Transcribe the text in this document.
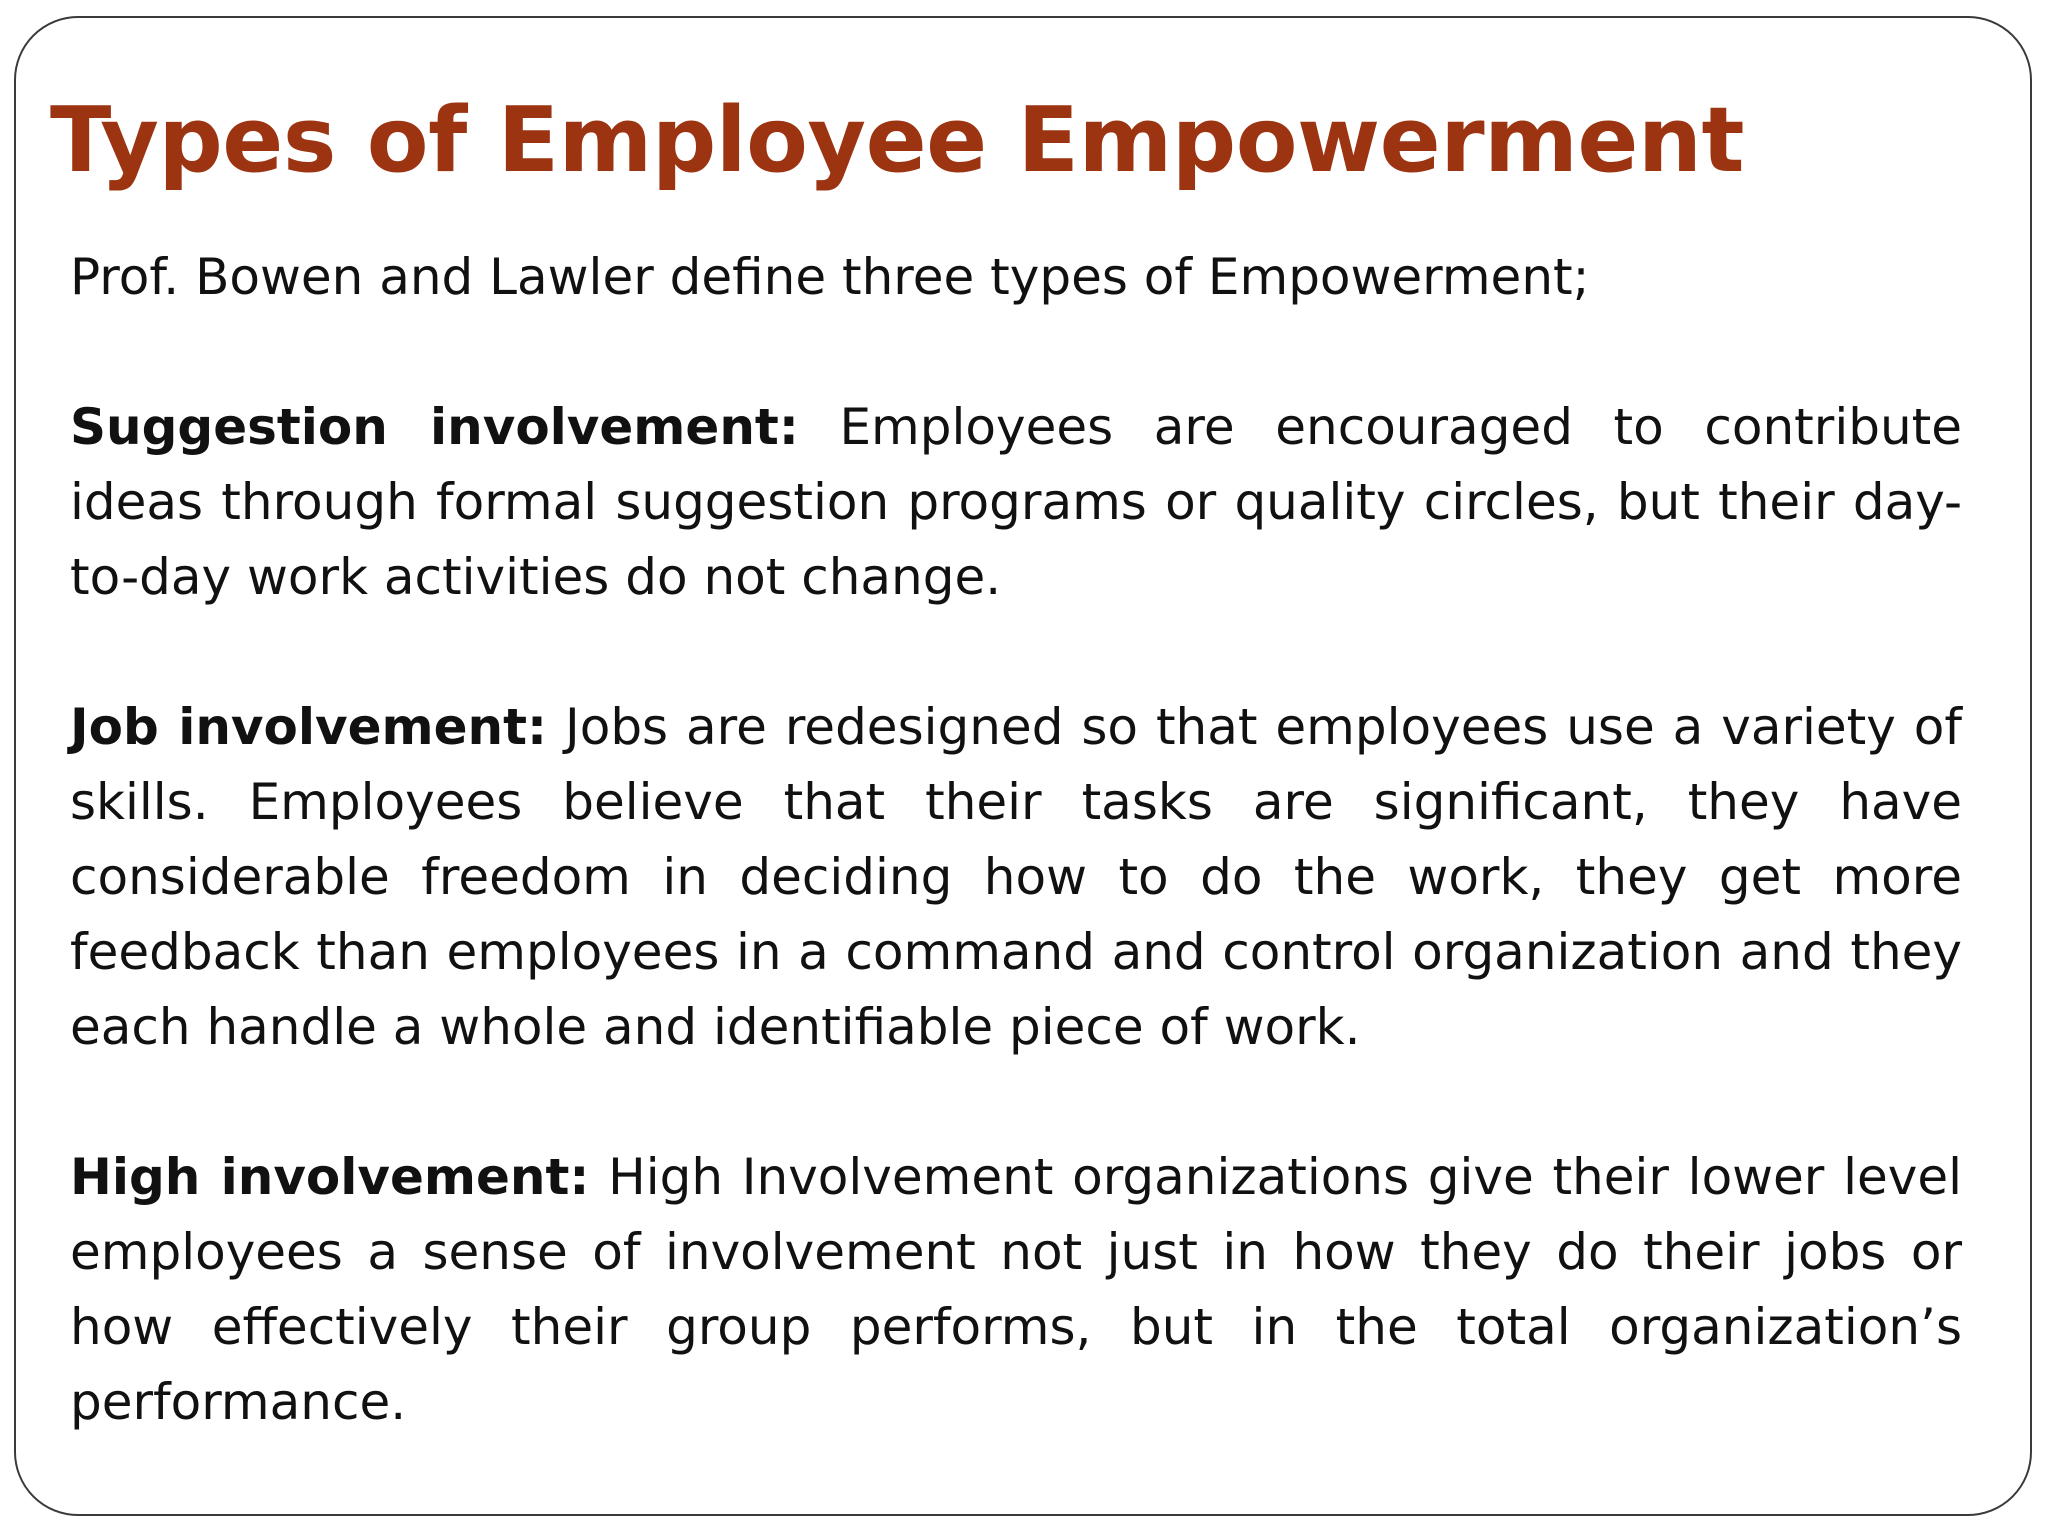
Types of Employee Empowerment

Prof. Bowen and Lawler define three types of Empowerment;

Suggestion involvement: Employees are encouraged to contribute ideas through formal suggestion programs or quality circles, but their day-to-day work activities do not change.

Job involvement: Jobs are redesigned so that employees use a variety of skills. Employees believe that their tasks are significant, they have considerable freedom in deciding how to do the work, they get more feedback than employees in a command and control organization and they each handle a whole and identifiable piece of work.

High involvement: High Involvement organizations give their lower level employees a sense of involvement not just in how they do their jobs or how effectively their group performs, but in the total organization’s performance.
